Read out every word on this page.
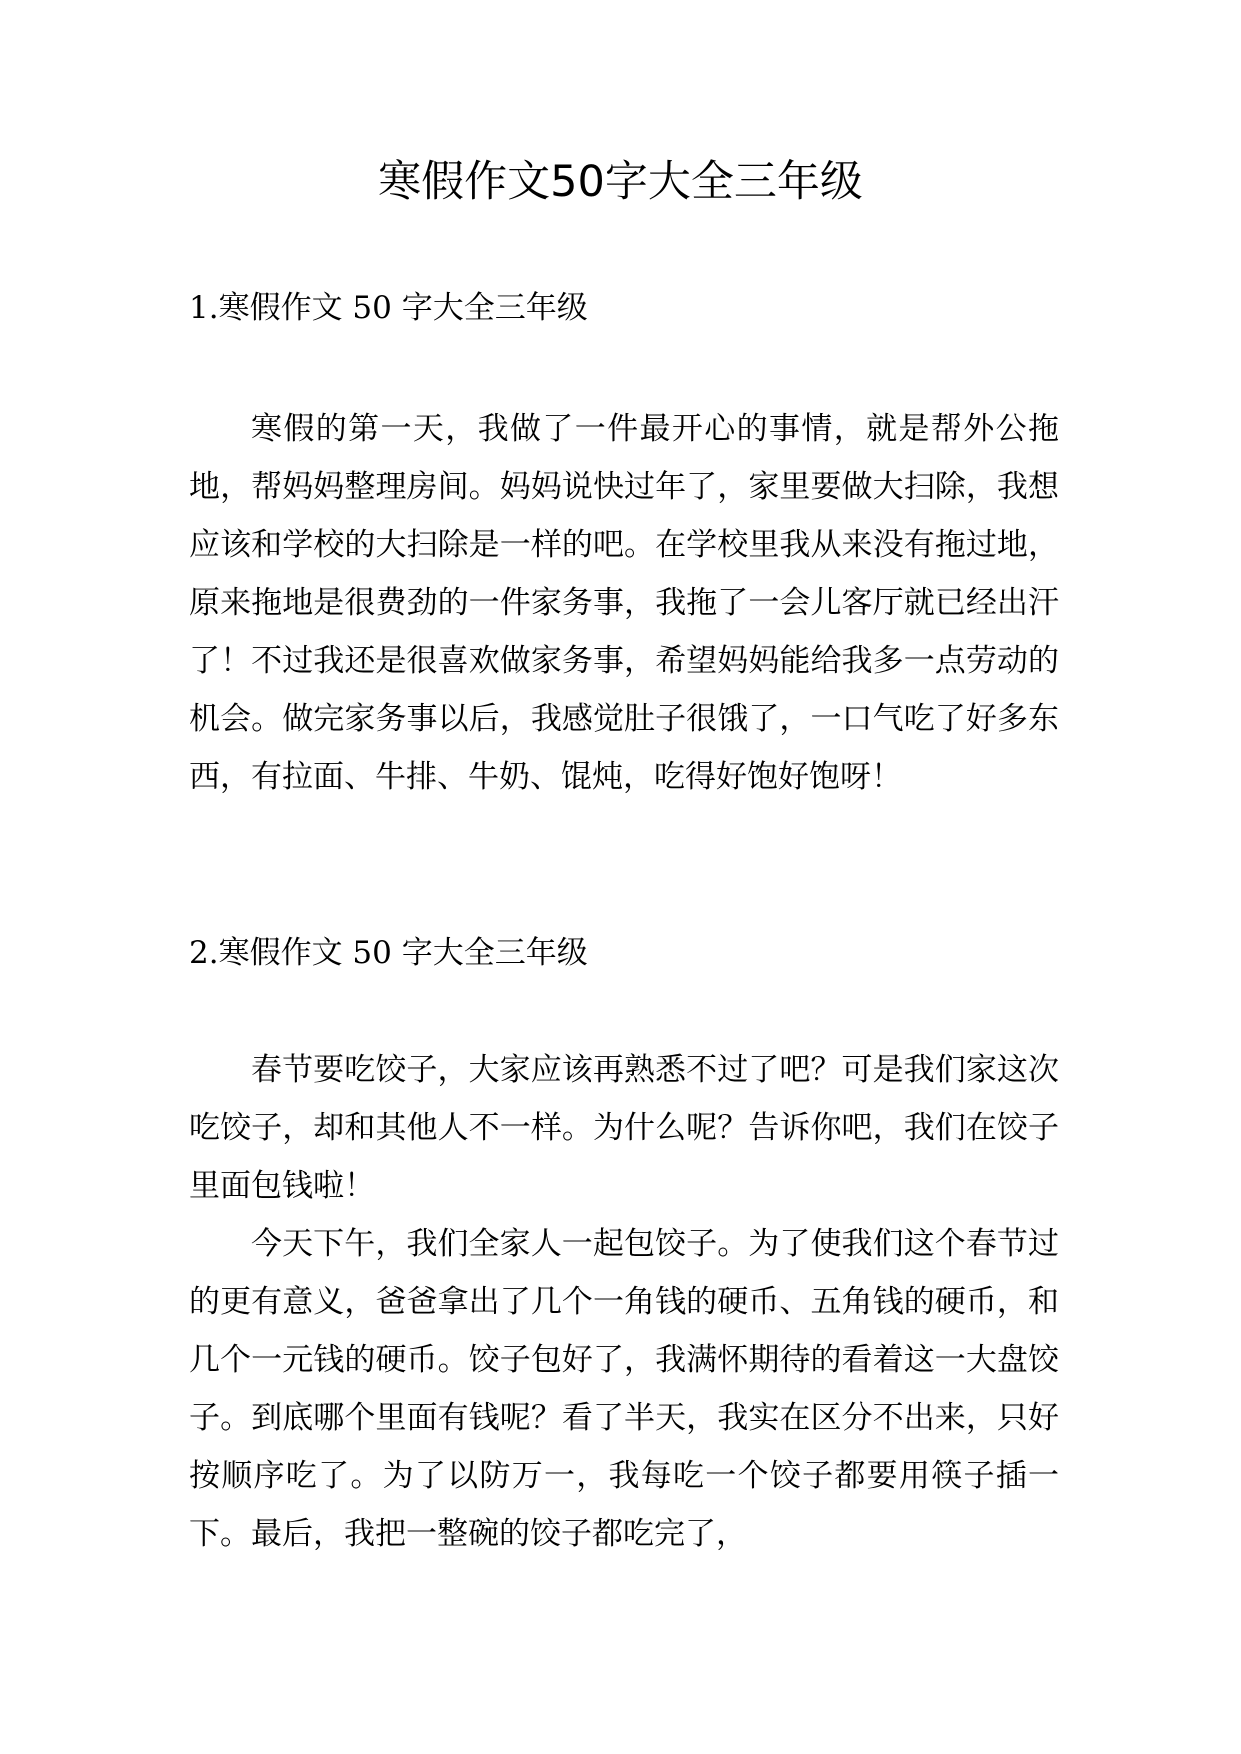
寒假作文50字大全三年级
1.寒假作文 50 字大全三年级

寒假的第一天，我做了一件最开心的事情，就是帮外公拖地，帮妈妈整理房间。妈妈说快过年了，家里要做大扫除，我想应该和学校的大扫除是一样的吧。在学校里我从来没有拖过地，原来拖地是很费劲的一件家务事，我拖了一会儿客厅就已经出汗了！不过我还是很喜欢做家务事，希望妈妈能给我多一点劳动的机会。做完家务事以后，我感觉肚子很饿了，一口气吃了好多东西，有拉面、牛排、牛奶、馄炖，吃得好饱好饱呀！

2.寒假作文 50 字大全三年级

春节要吃饺子，大家应该再熟悉不过了吧？可是我们家这次吃饺子，却和其他人不一样。为什么呢？告诉你吧，我们在饺子里面包钱啦！

今天下午，我们全家人一起包饺子。为了使我们这个春节过的更有意义，爸爸拿出了几个一角钱的硬币、五角钱的硬币，和几个一元钱的硬币。饺子包好了，我满怀期待的看着这一大盘饺子。到底哪个里面有钱呢？看了半天，我实在区分不出来，只好按顺序吃了。为了以防万一，我每吃一个饺子都要用筷子插一下。最后，我把一整碗的饺子都吃完了，
